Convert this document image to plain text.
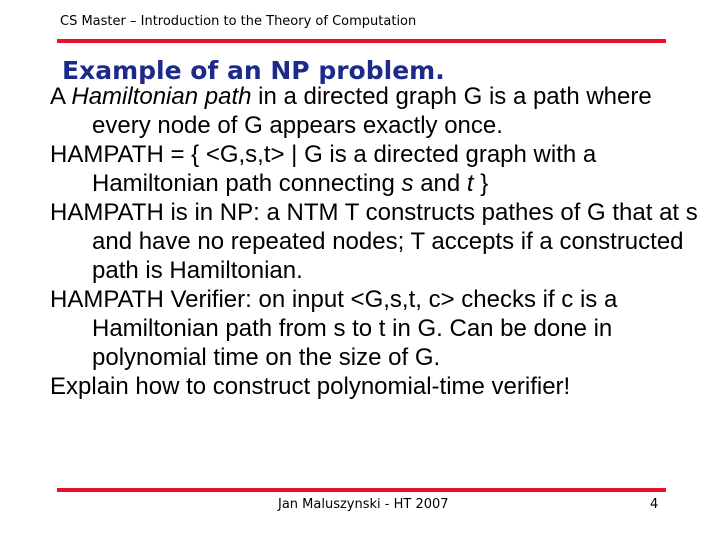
CS Master – Introduction to the Theory of Computation
Example of an NP problem.

A Hamiltonian path in a directed graph G is a path where every node of G appears exactly once.

HAMPATH = { <G,s,t> | G is a directed graph with a Hamiltonian path connecting s and t }

HAMPATH is in NP: a NTM T constructs pathes of G that at s and have no repeated nodes; T accepts if a constructed path is Hamiltonian.

HAMPATH Verifier: on input <G,s,t, c> checks if c is a Hamiltonian path from s to t in G. Can be done in polynomial time on the size of G.

Explain how to construct polynomial-time verifier!

Jan Maluszynski - HT 2007	4
